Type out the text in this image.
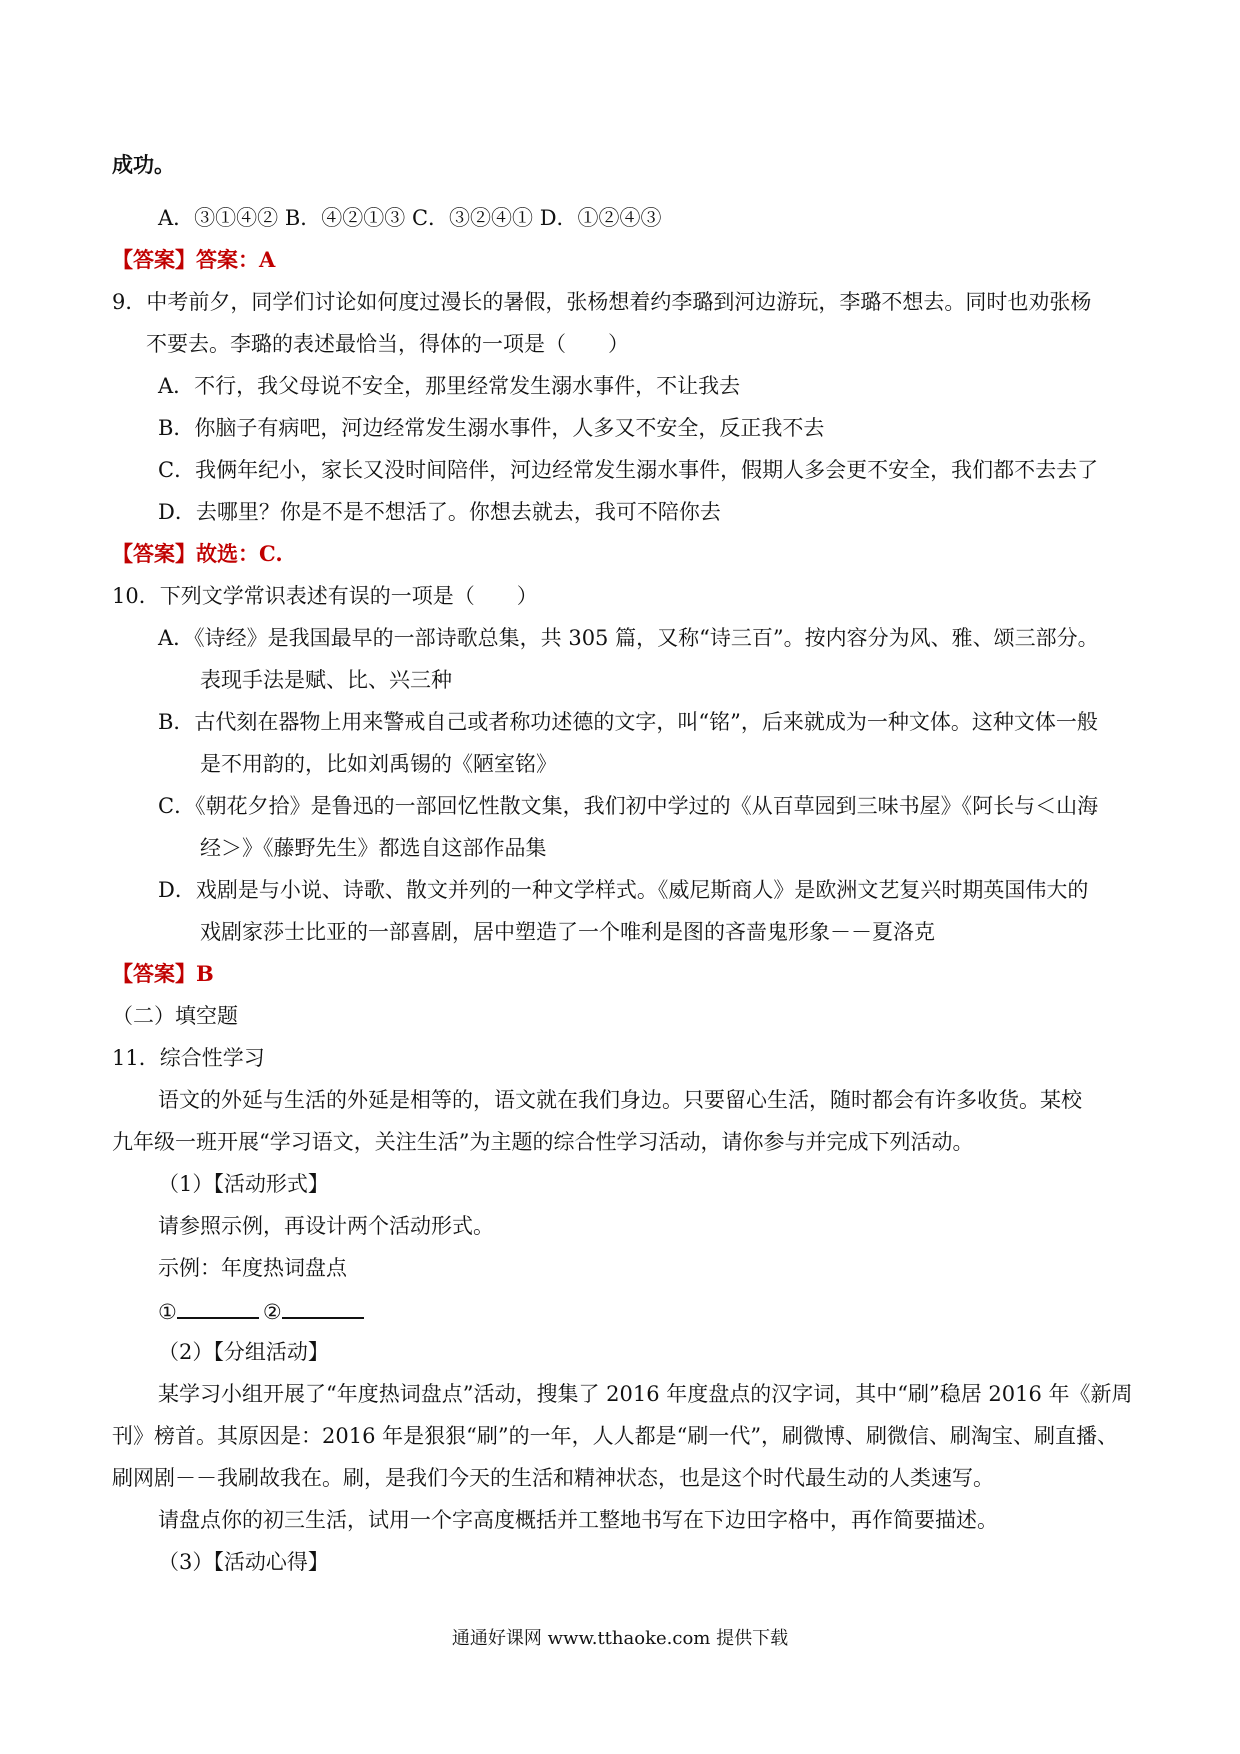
成功。
A．③①④② B．④②①③ C．③②④① D．①②④③
【答案】答案：A
9．中考前夕，同学们讨论如何度过漫长的暑假，张杨想着约李璐到河边游玩，李璐不想去。同时也劝张杨
不要去。李璐的表述最恰当，得体的一项是（　　）
A．不行，我父母说不安全，那里经常发生溺水事件，不让我去
B．你脑子有病吧，河边经常发生溺水事件，人多又不安全，反正我不去
C．我俩年纪小，家长又没时间陪伴，河边经常发生溺水事件，假期人多会更不安全，我们都不去去了
D．去哪里？你是不是不想活了。你想去就去，我可不陪你去
【答案】故选：C.
10．下列文学常识表述有误的一项是（　　）
A．《诗经》是我国最早的一部诗歌总集，共 305 篇，又称“诗三百”。按内容分为风、雅、颂三部分。
表现手法是赋、比、兴三种
B．古代刻在器物上用来警戒自己或者称功述德的文字，叫“铭”，后来就成为一种文体。这种文体一般
是不用韵的，比如刘禹锡的《陋室铭》
C．《朝花夕拾》是鲁迅的一部回忆性散文集，我们初中学过的《从百草园到三味书屋》《阿长与＜山海
经＞》《藤野先生》都选自这部作品集
D．戏剧是与小说、诗歌、散文并列的一种文学样式。《威尼斯商人》是欧洲文艺复兴时期英国伟大的
戏剧家莎士比亚的一部喜剧，居中塑造了一个唯利是图的吝啬鬼形象－－夏洛克
【答案】B
（二）填空题
11．综合性学习
语文的外延与生活的外延是相等的，语文就在我们身边。只要留心生活，随时都会有许多收货。某校
九年级一班开展“学习语文，关注生活”为主题的综合性学习活动，请你参与并完成下列活动。
（1）【活动形式】
请参照示例，再设计两个活动形式。
示例：年度热词盘点
①	②
（2）【分组活动】
某学习小组开展了“年度热词盘点”活动，搜集了 2016 年度盘点的汉字词，其中“刷”稳居 2016 年《新周
刊》榜首。其原因是：2016 年是狠狠“刷”的一年，人人都是“刷一代”，刷微博、刷微信、刷淘宝、刷直播、
刷网剧－－我刷故我在。刷，是我们今天的生活和精神状态，也是这个时代最生动的人类速写。
请盘点你的初三生活，试用一个字高度概括并工整地书写在下边田字格中，再作简要描述。
（3）【活动心得】
通通好课网 www.tthaoke.com 提供下载
